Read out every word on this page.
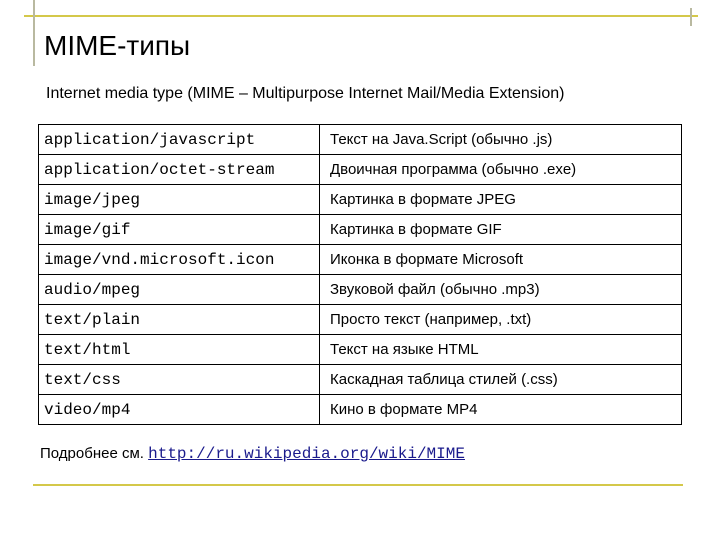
MIME-типы
Internet media type (MIME – Multipurpose Internet Mail/Media Extension)
application/javascript	Текст на Java.Script (обычно .js)
application/octet-stream	Двоичная программа (обычно .exe)
image/jpeg	Картинка в формате JPEG
image/gif	Картинка в формате GIF
image/vnd.microsoft.icon	Иконка в формате Microsoft
audio/mpeg	Звуковой файл (обычно .mp3)
text/plain	Просто текст (например, .txt)
text/html	Текст на языке HTML
text/css	Каскадная таблица стилей (.css)
video/mp4	Кино в формате MP4
Подробнее см. http://ru.wikipedia.org/wiki/MIME
